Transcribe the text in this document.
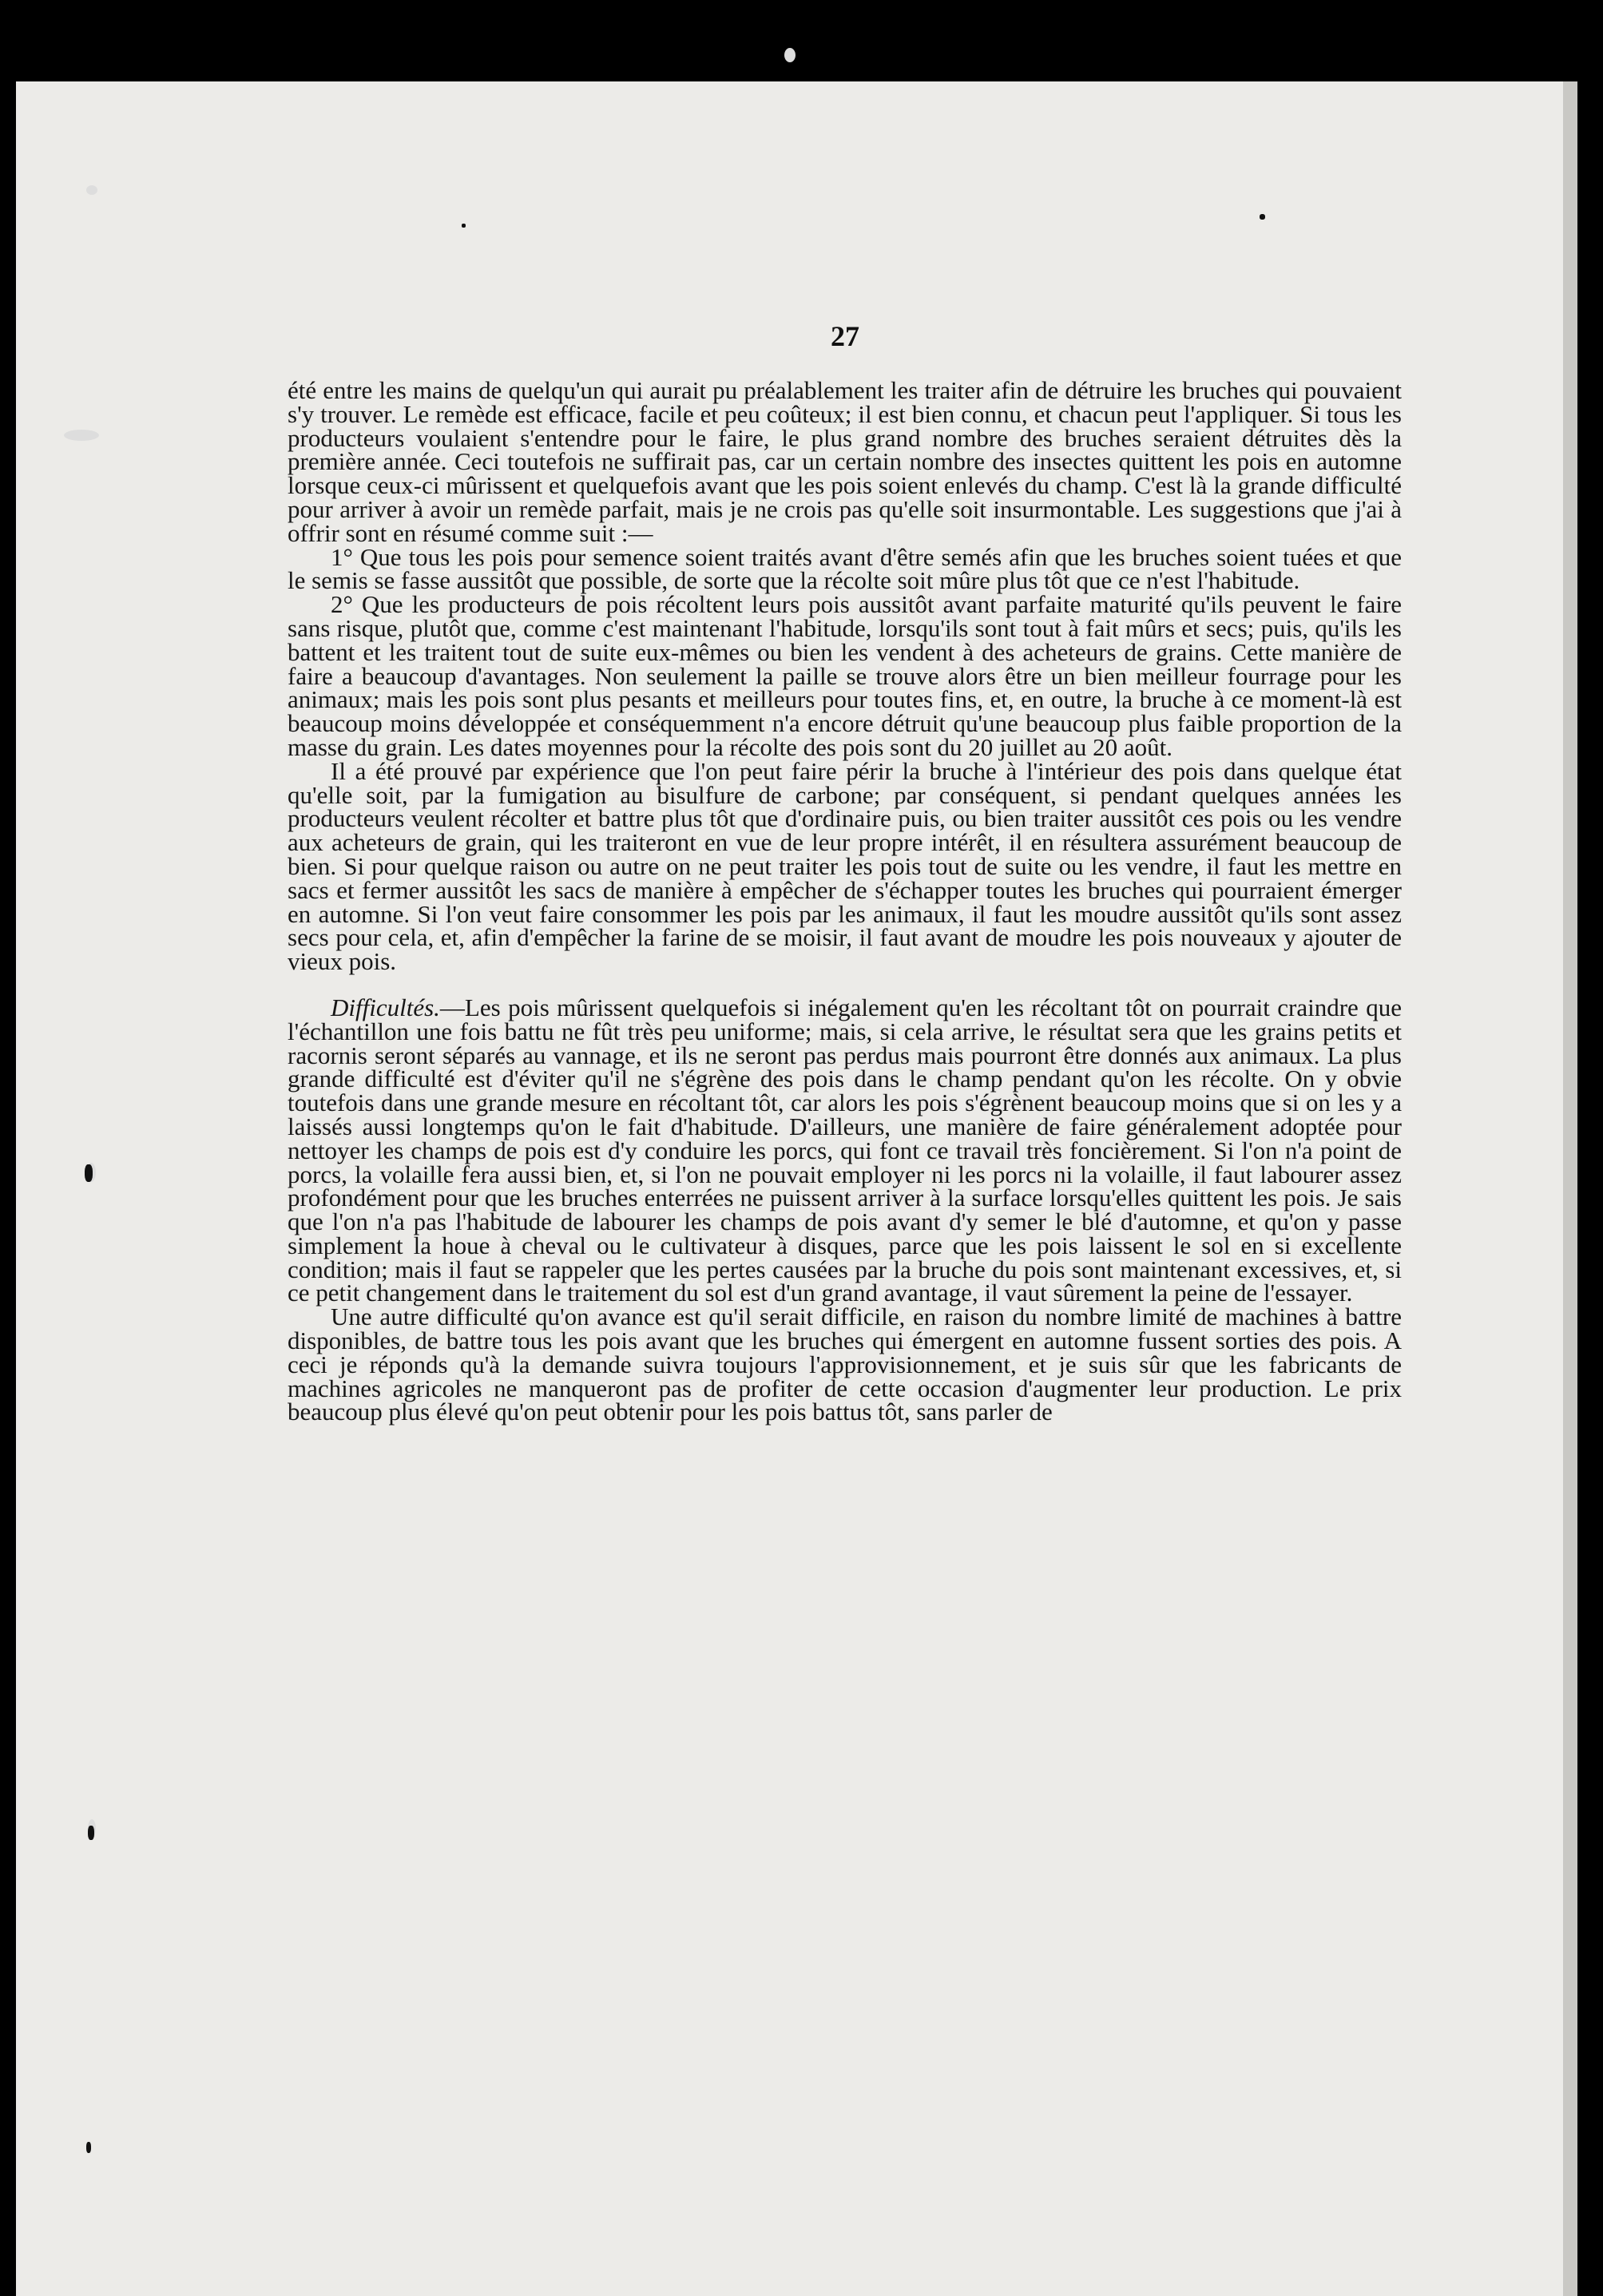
27

été entre les mains de quelqu'un qui aurait pu préalablement les traiter afin de détruire les bruches qui pouvaient s'y trouver. Le remède est efficace, facile et peu coûteux; il est bien connu, et chacun peut l'appliquer. Si tous les producteurs voulaient s'entendre pour le faire, le plus grand nombre des bruches seraient détruites dès la première année. Ceci toutefois ne suffirait pas, car un certain nombre des insectes quittent les pois en automne lorsque ceux-ci mûrissent et quelquefois avant que les pois soient enlevés du champ. C'est là la grande difficulté pour arriver à avoir un remède parfait, mais je ne crois pas qu'elle soit insurmontable. Les suggestions que j'ai à offrir sont en résumé comme suit :—

1° Que tous les pois pour semence soient traités avant d'être semés afin que les bruches soient tuées et que le semis se fasse aussitôt que possible, de sorte que la récolte soit mûre plus tôt que ce n'est l'habitude.

2° Que les producteurs de pois récoltent leurs pois aussitôt avant parfaite maturité qu'ils peuvent le faire sans risque, plutôt que, comme c'est maintenant l'habitude, lorsqu'ils sont tout à fait mûrs et secs; puis, qu'ils les battent et les traitent tout de suite eux-mêmes ou bien les vendent à des acheteurs de grains. Cette manière de faire a beaucoup d'avantages. Non seulement la paille se trouve alors être un bien meilleur fourrage pour les animaux; mais les pois sont plus pesants et meilleurs pour toutes fins, et, en outre, la bruche à ce moment-là est beaucoup moins développée et conséquemment n'a encore détruit qu'une beaucoup plus faible proportion de la masse du grain. Les dates moyennes pour la récolte des pois sont du 20 juillet au 20 août.

Il a été prouvé par expérience que l'on peut faire périr la bruche à l'intérieur des pois dans quelque état qu'elle soit, par la fumigation au bisulfure de carbone; par conséquent, si pendant quelques années les producteurs veulent récolter et battre plus tôt que d'ordinaire puis, ou bien traiter aussitôt ces pois ou les vendre aux acheteurs de grain, qui les traiteront en vue de leur propre intérêt, il en résultera assurément beaucoup de bien. Si pour quelque raison ou autre on ne peut traiter les pois tout de suite ou les vendre, il faut les mettre en sacs et fermer aussitôt les sacs de manière à empêcher de s'échapper toutes les bruches qui pourraient émerger en automne. Si l'on veut faire consommer les pois par les animaux, il faut les moudre aussitôt qu'ils sont assez secs pour cela, et, afin d'empêcher la farine de se moisir, il faut avant de moudre les pois nouveaux y ajouter de vieux pois.

Difficultés.—Les pois mûrissent quelquefois si inégalement qu'en les récoltant tôt on pourrait craindre que l'échantillon une fois battu ne fût très peu uniforme; mais, si cela arrive, le résultat sera que les grains petits et racornis seront séparés au vannage, et ils ne seront pas perdus mais pourront être donnés aux animaux. La plus grande difficulté est d'éviter qu'il ne s'égrène des pois dans le champ pendant qu'on les récolte. On y obvie toutefois dans une grande mesure en récoltant tôt, car alors les pois s'égrènent beaucoup moins que si on les y a laissés aussi longtemps qu'on le fait d'habitude. D'ailleurs, une manière de faire généralement adoptée pour nettoyer les champs de pois est d'y conduire les porcs, qui font ce travail très foncièrement. Si l'on n'a point de porcs, la volaille fera aussi bien, et, si l'on ne pouvait employer ni les porcs ni la volaille, il faut labourer assez profondément pour que les bruches enterrées ne puissent arriver à la surface lorsqu'elles quittent les pois. Je sais que l'on n'a pas l'habitude de labourer les champs de pois avant d'y semer le blé d'automne, et qu'on y passe simplement la houe à cheval ou le cultivateur à disques, parce que les pois laissent le sol en si excellente condition; mais il faut se rappeler que les pertes causées par la bruche du pois sont maintenant excessives, et, si ce petit changement dans le traitement du sol est d'un grand avantage, il vaut sûrement la peine de l'essayer.

Une autre difficulté qu'on avance est qu'il serait difficile, en raison du nombre limité de machines à battre disponibles, de battre tous les pois avant que les bruches qui émergent en automne fussent sorties des pois. A ceci je réponds qu'à la demande suivra toujours l'approvisionnement, et je suis sûr que les fabricants de machines agricoles ne manqueront pas de profiter de cette occasion d'augmenter leur production. Le prix beaucoup plus élevé qu'on peut obtenir pour les pois battus tôt, sans parler de
